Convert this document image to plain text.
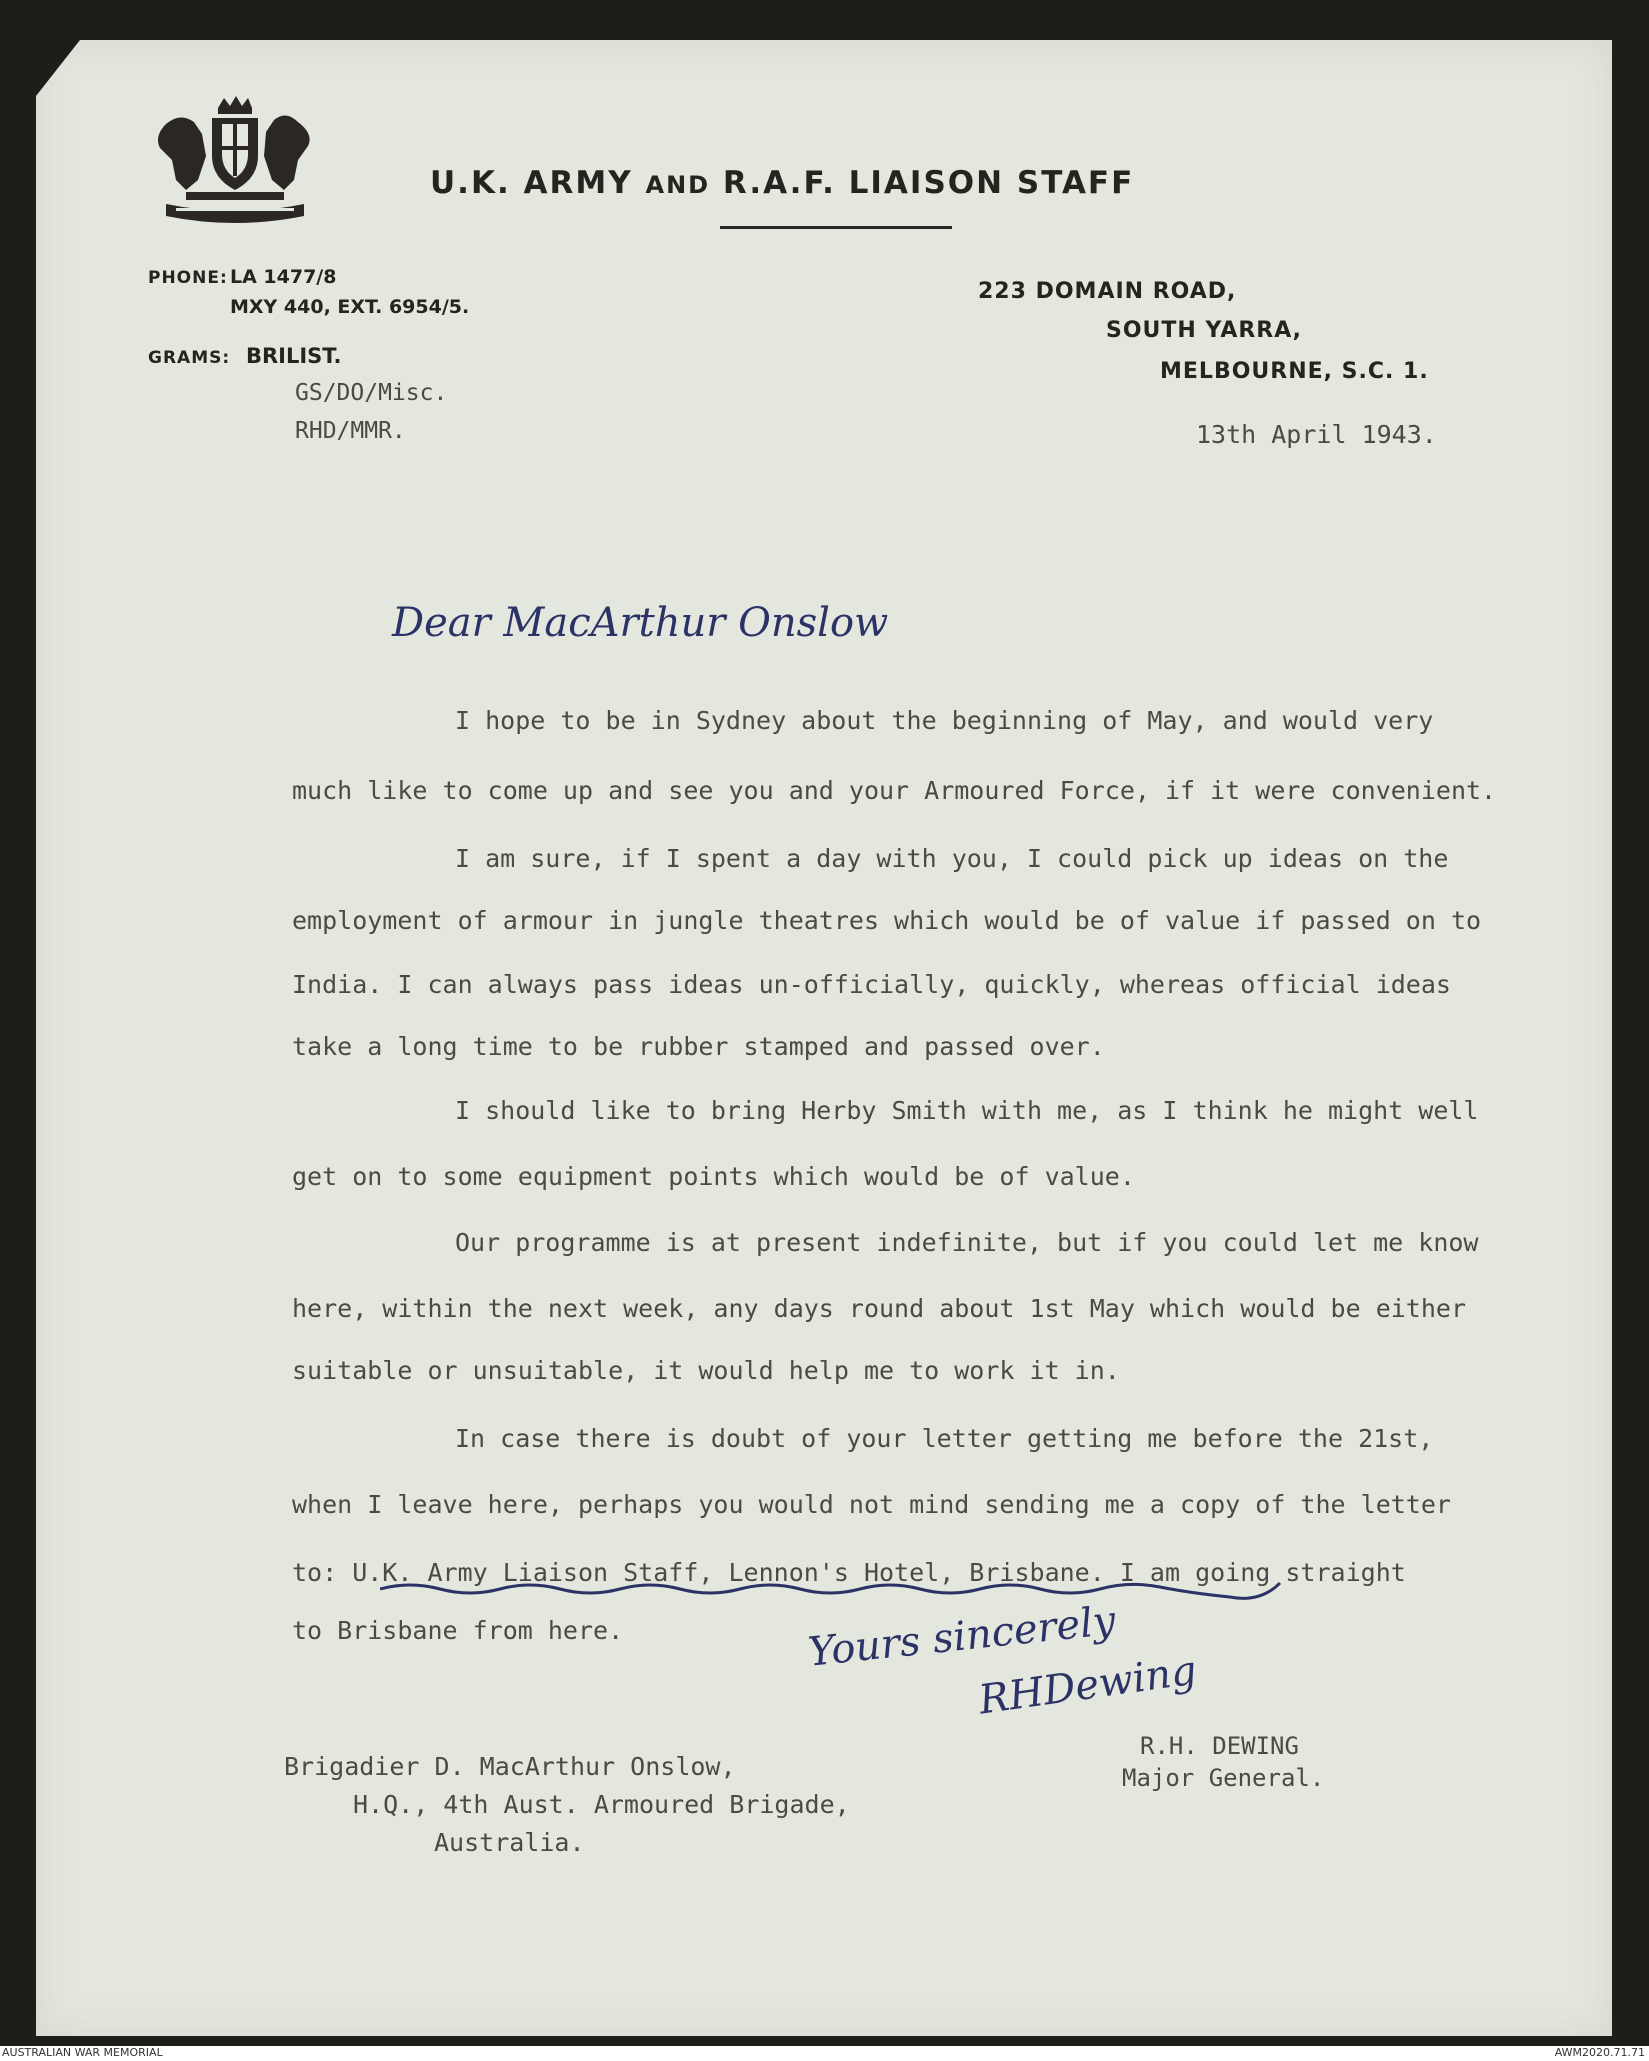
U.K. ARMY AND R.A.F. LIAISON STAFF
PHONE: LA 1477/8
MXY 440, EXT. 6954/5.
GRAMS: BRILIST.
223 DOMAIN ROAD,
SOUTH YARRA,
MELBOURNE, S.C. 1.
GS/DO/Misc.
RHD/MMR.	13th April 1943.
Dear MacArthur Onslow
I hope to be in Sydney about the beginning of May, and would very
much like to come up and see you and your Armoured Force, if it were convenient.
I am sure, if I spent a day with you, I could pick up ideas on the
employment of armour in jungle theatres which would be of value if passed on to
India. I can always pass ideas un-officially, quickly, whereas official ideas
take a long time to be rubber stamped and passed over.
I should like to bring Herby Smith with me, as I think he might well
get on to some equipment points which would be of value.
Our programme is at present indefinite, but if you could let me know
here, within the next week, any days round about 1st May which would be either
suitable or unsuitable, it would help me to work it in.
In case there is doubt of your letter getting me before the 21st,
when I leave here, perhaps you would not mind sending me a copy of the letter
to: U.K. Army Liaison Staff, Lennon's Hotel, Brisbane. I am going straight
to Brisbane from here.	Yours sincerely
RHDewing
R.H. DEWING
Major General.
Brigadier D. MacArthur Onslow,
H.Q., 4th Aust. Armoured Brigade,
Australia.
AUSTRALIAN WAR MEMORIAL	AWM2020.71.71
